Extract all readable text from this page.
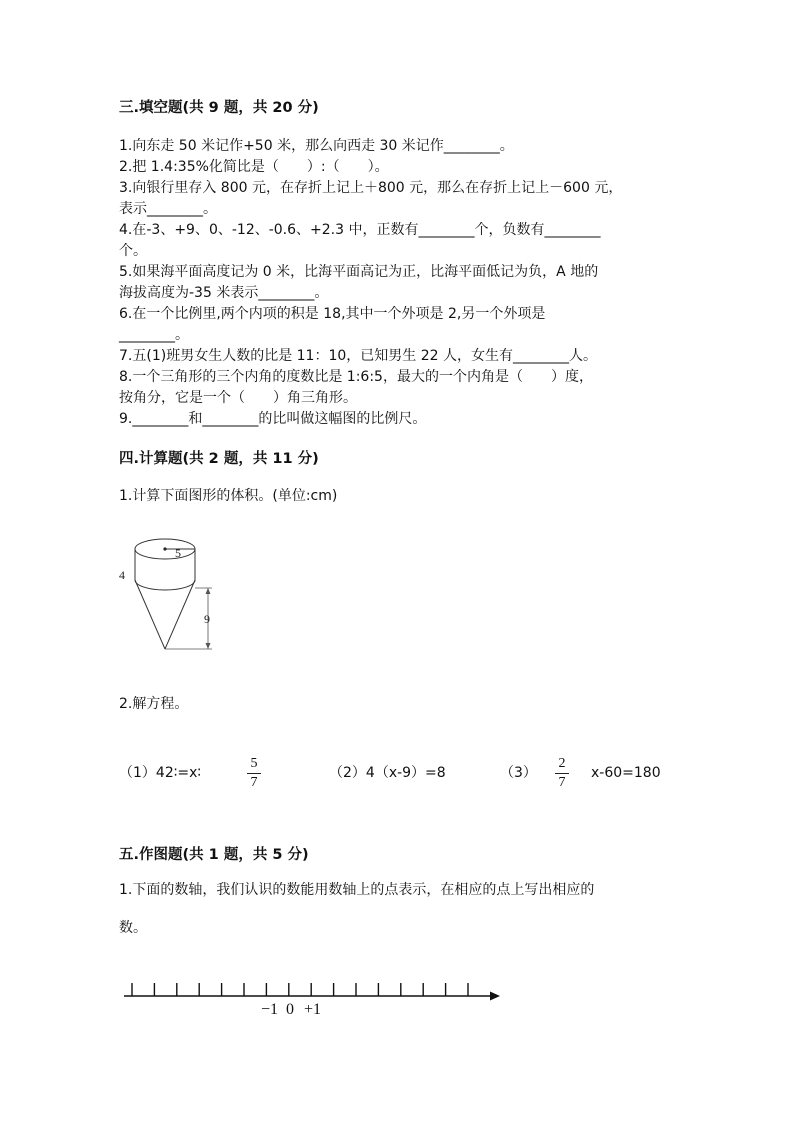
三.填空题(共 9 题，共 20 分)
1.向东走 50 米记作+50 米，那么向西走 30 米记作________。
2.把 1.4:35%化简比是（　　）:（　　）。
3.向银行里存入 800 元，在存折上记上＋800 元，那么在存折上记上－600 元，
表示________。
4.在-3、+9、0、-12、-0.6、+2.3 中，正数有________个，负数有________
个。
5.如果海平面高度记为 0 米，比海平面高记为正，比海平面低记为负，A 地的
海拔高度为-35 米表示________。
6.在一个比例里,两个内项的积是 18,其中一个外项是 2,另一个外项是
________。
7.五(1)班男女生人数的比是 11：10，已知男生 22 人，女生有________人。
8.一个三角形的三个内角的度数比是 1:6:5，最大的一个内角是（　　）度，
按角分，它是一个（　　）角三角形。
9.________和________的比叫做这幅图的比例尺。
四.计算题(共 2 题，共 11 分)
1.计算下面图形的体积。(单位:cm)
5
4
9
2.解方程。
（1）42∶=x∶
5
7
（2）4（x-9）=8	（3）
2
7
x-60=180
五.作图题(共 1 题，共 5 分)
1.下面的数轴，我们认识的数能用数轴上的点表示，在相应的点上写出相应的
数。
−1 0 +1
